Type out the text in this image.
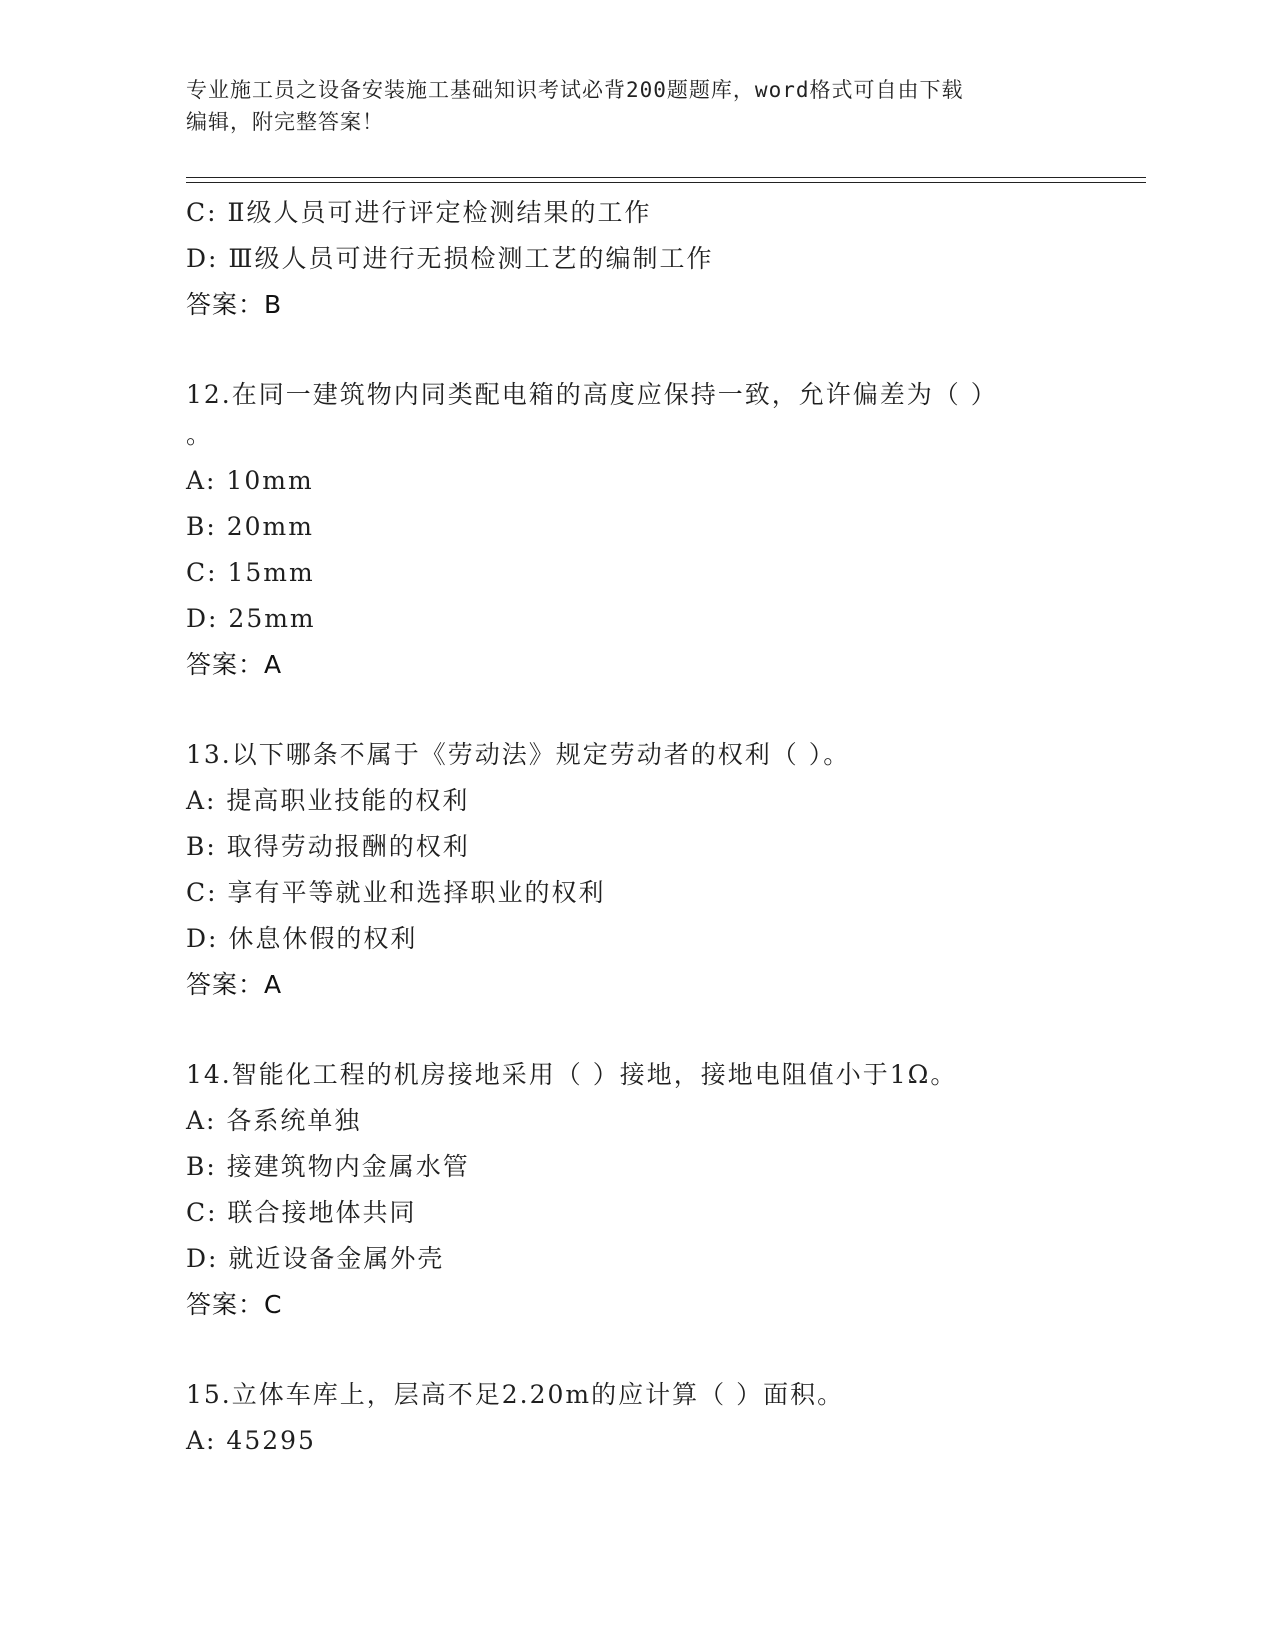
专业施工员之设备安装施工基础知识考试必背200题题库，word格式可自由下载
编辑，附完整答案！
C: Ⅱ级人员可进行评定检测结果的工作
D: Ⅲ级人员可进行无损检测工艺的编制工作
答案：B
12.在同一建筑物内同类配电箱的高度应保持一致，允许偏差为（ ）
。
A: 10mm
B: 20mm
C: 15mm
D: 25mm
答案：A
13.以下哪条不属于《劳动法》规定劳动者的权利（ ）。
A: 提高职业技能的权利
B: 取得劳动报酬的权利
C: 享有平等就业和选择职业的权利
D: 休息休假的权利
答案：A
14.智能化工程的机房接地采用（ ）接地，接地电阻值小于1Ω。
A: 各系统单独
B: 接建筑物内金属水管
C: 联合接地体共同
D: 就近设备金属外壳
答案：C
15.立体车库上，层高不足2.20m的应计算（ ）面积。
A: 45295
